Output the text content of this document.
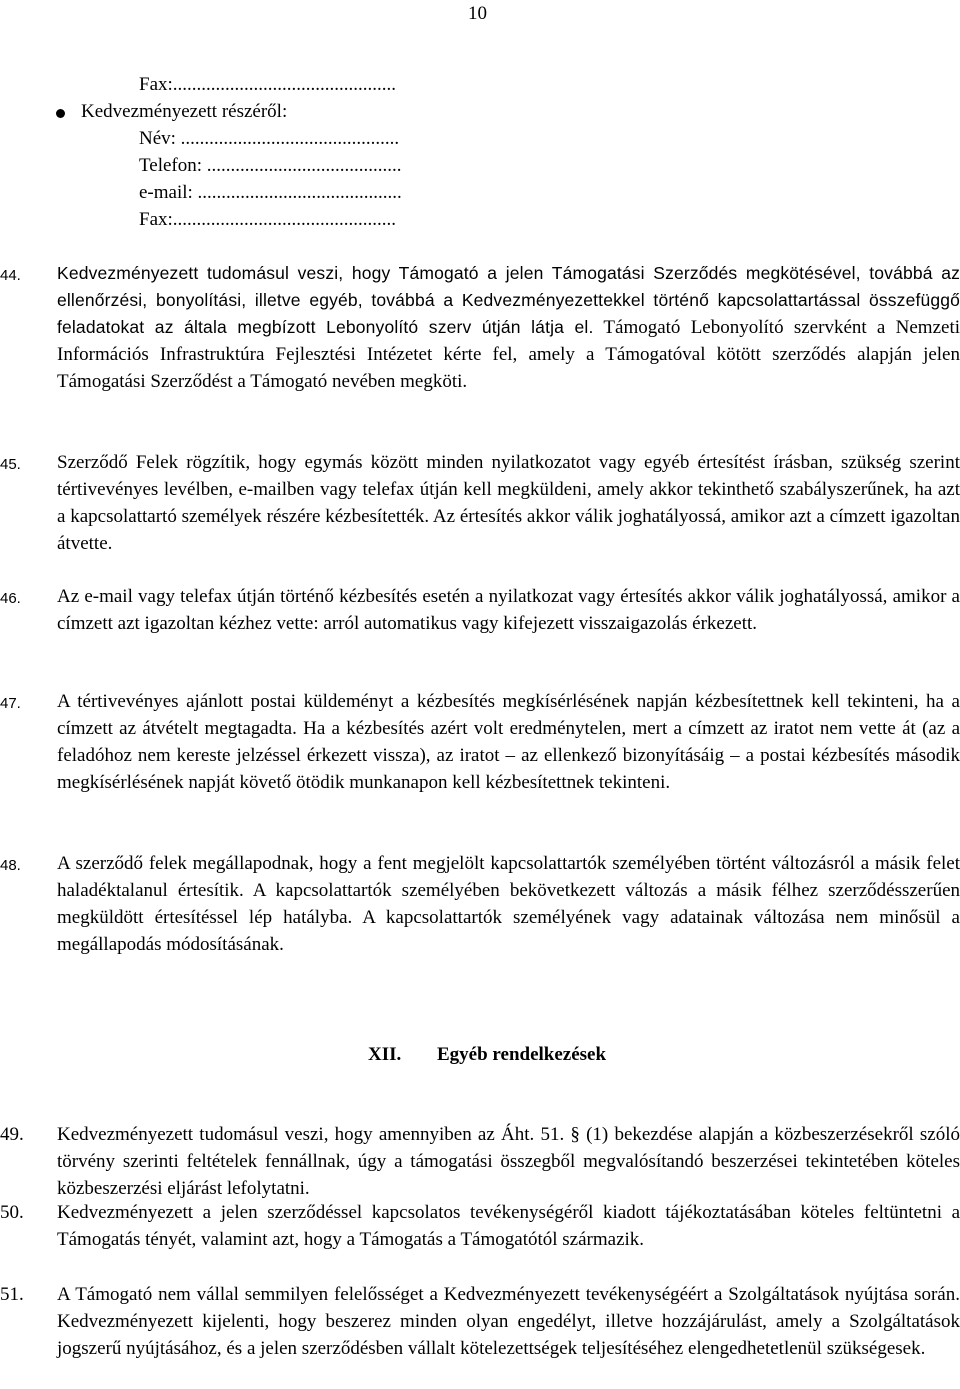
10
Fax:...............................................
Kedvezményezett részéről:
Név: ..............................................
Telefon: .........................................
e-mail: ...........................................
Fax:...............................................
44. Kedvezményezett tudomásul veszi, hogy Támogató a jelen Támogatási Szerződés megkötésével, továbbá az ellenőrzési, bonyolítási, illetve egyéb, továbbá a Kedvezményezettekkel történő kapcsolattartással összefüggő feladatokat az általa megbízott Lebonyolító szerv útján látja el. Támogató Lebonyolító szervként a Nemzeti Információs Infrastruktúra Fejlesztési Intézetet kérte fel, amely a Támogatóval kötött szerződés alapján jelen Támogatási Szerződést a Támogató nevében megköti.
45. Szerződő Felek rögzítik, hogy egymás között minden nyilatkozatot vagy egyéb értesítést írásban, szükség szerint tértivevényes levélben, e-mailben vagy telefax útján kell megküldeni, amely akkor tekinthető szabályszerűnek, ha azt a kapcsolattartó személyek részére kézbesítették. Az értesítés akkor válik joghatályossá, amikor azt a címzett igazoltan átvette.
46. Az e-mail vagy telefax útján történő kézbesítés esetén a nyilatkozat vagy értesítés akkor válik joghatályossá, amikor a címzett azt igazoltan kézhez vette: arról automatikus vagy kifejezett visszaigazolás érkezett.
47. A tértivevényes ajánlott postai küldeményt a kézbesítés megkísérlésének napján kézbesítettnek kell tekinteni, ha a címzett az átvételt megtagadta. Ha a kézbesítés azért volt eredménytelen, mert a címzett az iratot nem vette át (az a feladóhoz nem kereste jelzéssel érkezett vissza), az iratot – az ellenkező bizonyításáig – a postai kézbesítés második megkísérlésének napját követő ötödik munkanapon kell kézbesítettnek tekinteni.
48. A szerződő felek megállapodnak, hogy a fent megjelölt kapcsolattartók személyében történt változásról a másik felet haladéktalanul értesítik. A kapcsolattartók személyében bekövetkezett változás a másik félhez szerződésszerűen megküldött értesítéssel lép hatályba. A kapcsolattartók személyének vagy adatainak változása nem minősül a megállapodás módosításának.
XII. Egyéb rendelkezések
49. Kedvezményezett tudomásul veszi, hogy amennyiben az Áht. 51. § (1) bekezdése alapján a közbeszerzésekről szóló törvény szerinti feltételek fennállnak, úgy a támogatási összegből megvalósítandó beszerzései tekintetében köteles közbeszerzési eljárást lefolytatni.
50. Kedvezményezett a jelen szerződéssel kapcsolatos tevékenységéről kiadott tájékoztatásában köteles feltüntetni a Támogatás tényét, valamint azt, hogy a Támogatás a Támogatótól származik.
51. A Támogató nem vállal semmilyen felelősséget a Kedvezményezett tevékenységéért a Szolgáltatások nyújtása során. Kedvezményezett kijelenti, hogy beszerez minden olyan engedélyt, illetve hozzájárulást, amely a Szolgáltatások jogszerű nyújtásához, és a jelen szerződésben vállalt kötelezettségek teljesítéséhez elengedhetetlenül szükségesek.
